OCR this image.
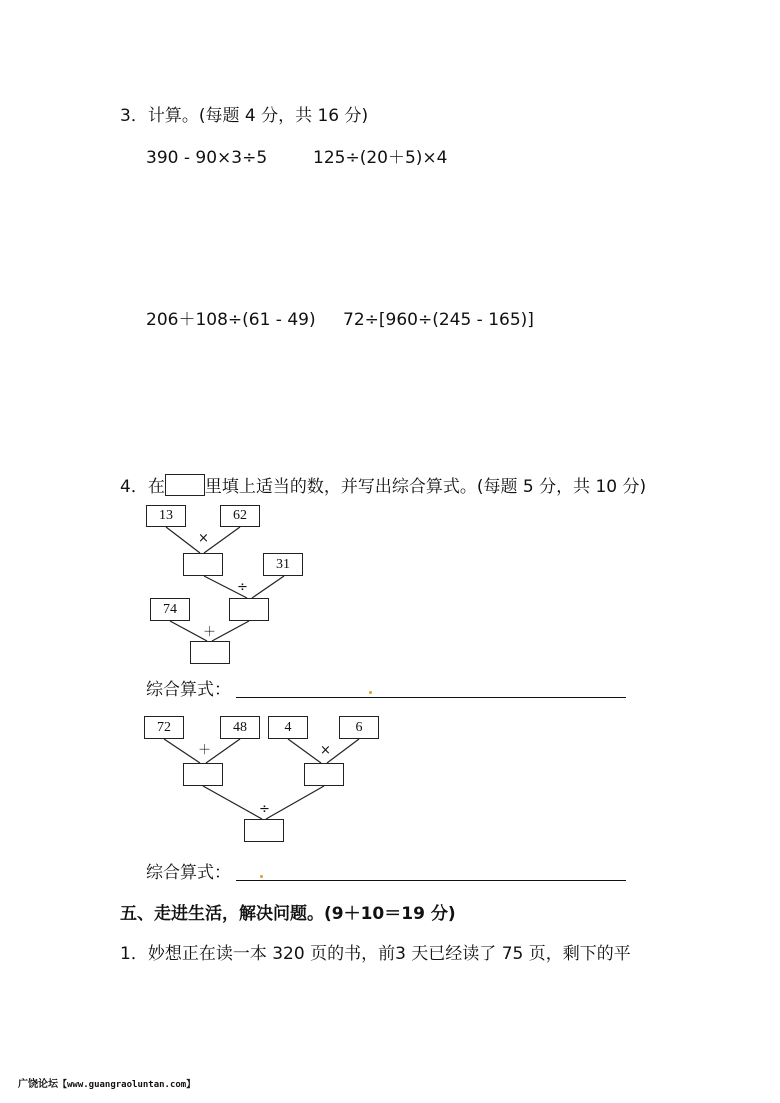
3．计算。(每题 4 分，共 16 分)
390 - 90×3÷5	125÷(20＋5)×4
206＋108÷(61 - 49) 72÷[960÷(245 - 165)]
4．在 里填上适当的数，并写出综合算式。(每题 5 分，共 10 分)
13	62
×
31
÷
74
＋
综合算式：
72	48	4	6
＋	×
÷
综合算式：
五、走进生活，解决问题。(9＋10＝19 分)
1．妙想正在读一本 320 页的书，前3 天已经读了 75 页，剩下的平
广饶论坛【www.guangraoluntan.com】
